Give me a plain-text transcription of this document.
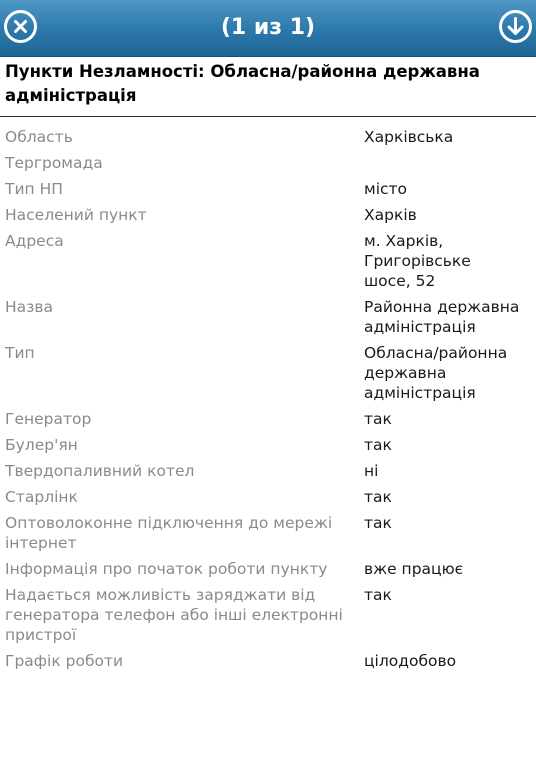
(1 из 1)
Пункти Незламності: Обласна/районна державна адміністрація
Область	Харківська
Тергромада	
Тип НП	місто
Населений пункт	Харків
Адреса	м. Харків, Григорівське шосе, 52
Назва	Районна державна адміністрація
Тип	Обласна/районна державна адміністрація
Генератор	так
Булер'ян	так
Твердопаливний котел	ні
Старлінк	так
Оптоволоконне підключення до мережі інтернет	так
Інформація про початок роботи пункту	вже працює
Надається можливість заряджати від генератора телефон або інші електронні пристрої	так
Графік роботи	цілодобово
